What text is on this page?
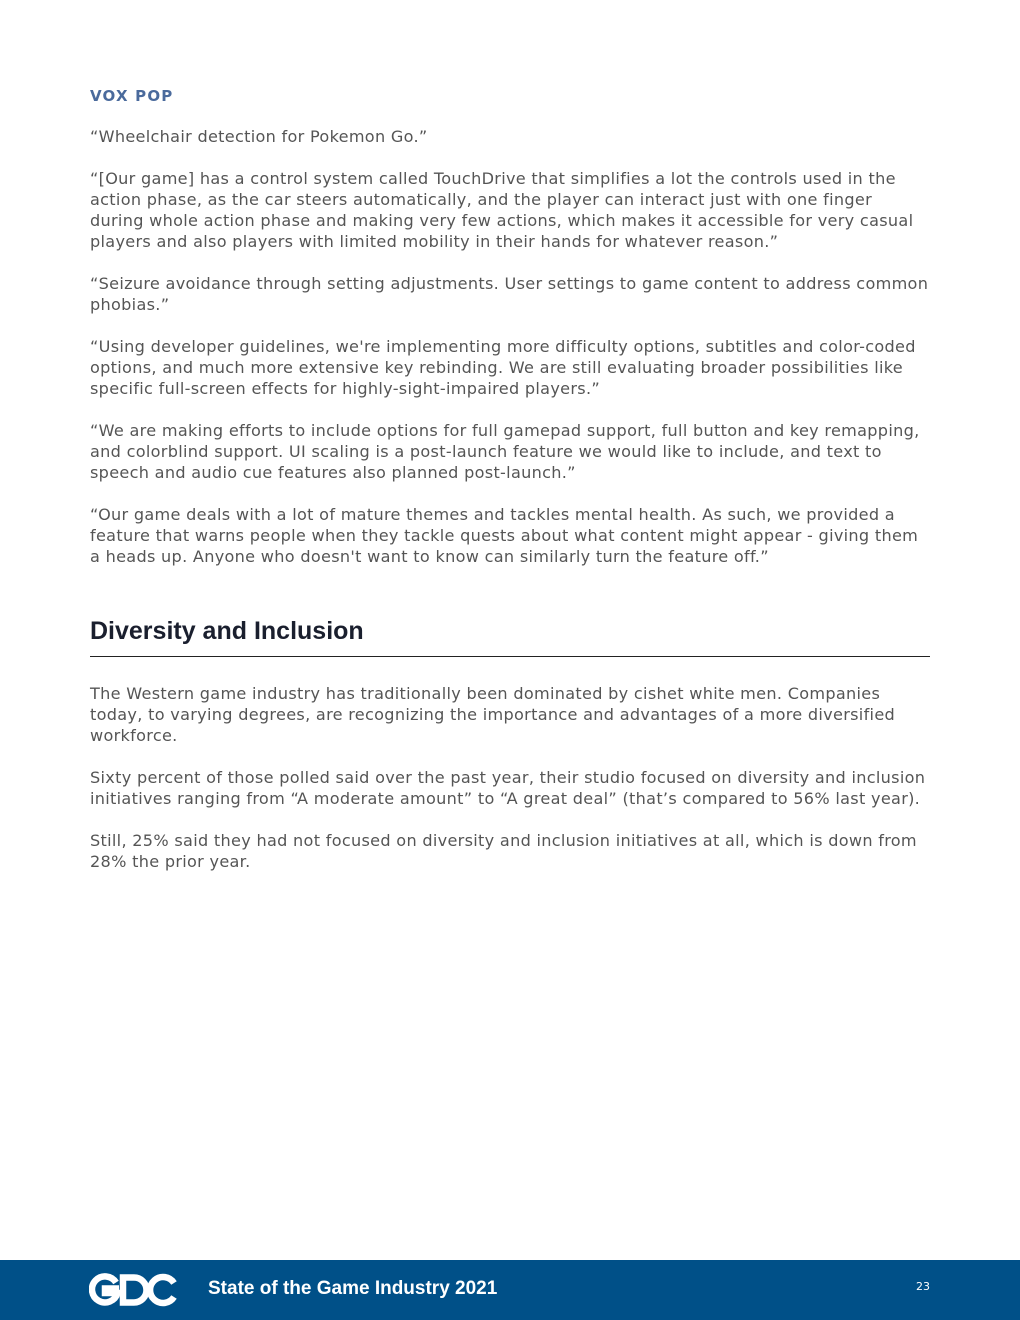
VOX POP

“Wheelchair detection for Pokemon Go.”

“[Our game] has a control system called TouchDrive that simplifies a lot the controls used in the action phase, as the car steers automatically, and the player can interact just with one finger during whole action phase and making very few actions, which makes it accessible for very casual players and also players with limited mobility in their hands for whatever reason.”

“Seizure avoidance through setting adjustments. User settings to game content to address common phobias.”

“Using developer guidelines, we're implementing more difficulty options, subtitles and color-coded options, and much more extensive key rebinding. We are still evaluating broader possibilities like specific full-screen effects for highly-sight-impaired players.”

“We are making efforts to include options for full gamepad support, full button and key remapping, and colorblind support. UI scaling is a post-launch feature we would like to include, and text to speech and audio cue features also planned post-launch.”

“Our game deals with a lot of mature themes and tackles mental health. As such, we provided a feature that warns people when they tackle quests about what content might appear - giving them a heads up. Anyone who doesn't want to know can similarly turn the feature off.”

Diversity and Inclusion

The Western game industry has traditionally been dominated by cishet white men. Companies today, to varying degrees, are recognizing the importance and advantages of a more diversified workforce.

Sixty percent of those polled said over the past year, their studio focused on diversity and inclusion initiatives ranging from “A moderate amount” to “A great deal” (that’s compared to 56% last year).

Still, 25% said they had not focused on diversity and inclusion initiatives at all, which is down from 28% the prior year.

State of the Game Industry 2021	23
